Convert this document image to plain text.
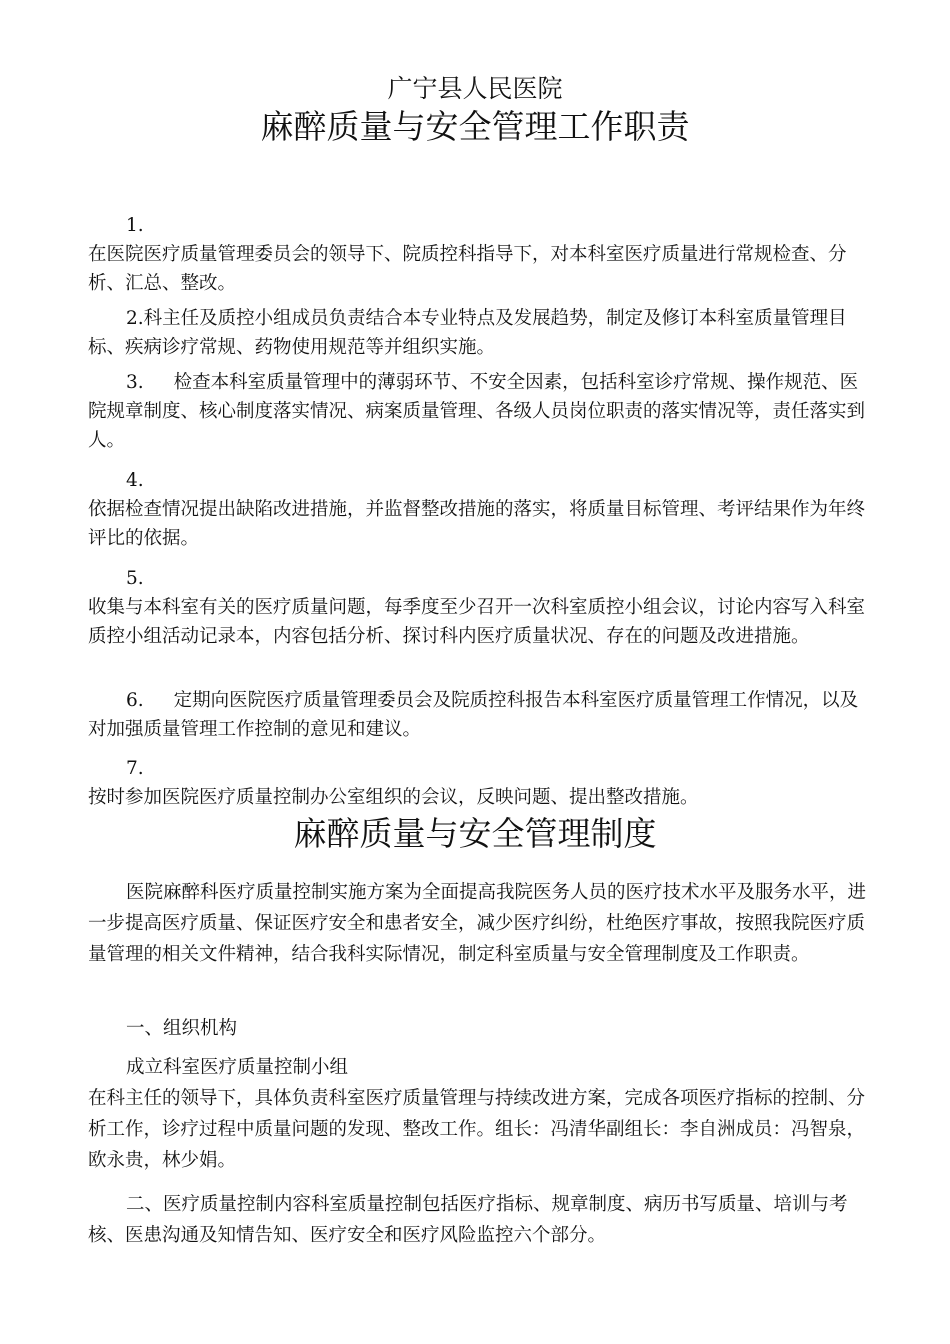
广宁县人民医院
麻醉质量与安全管理工作职责
1.

在医院医疗质量管理委员会的领导下、院质控科指导下，对本科室医疗质量进行常规检查、分析、汇总、整改。

2.科主任及质控小组成员负责结合本专业特点及发展趋势，制定及修订本科室质量管理目标、疾病诊疗常规、药物使用规范等并组织实施。

3. 检查本科室质量管理中的薄弱环节、不安全因素，包括科室诊疗常规、操作规范、医院规章制度、核心制度落实情况、病案质量管理、各级人员岗位职责的落实情况等，责任落实到人。

4.

依据检查情况提出缺陷改进措施，并监督整改措施的落实，将质量目标管理、考评结果作为年终评比的依据。

5.

收集与本科室有关的医疗质量问题，每季度至少召开一次科室质控小组会议，讨论内容写入科室质控小组活动记录本，内容包括分析、探讨科内医疗质量状况、存在的问题及改进措施。

6. 定期向医院医疗质量管理委员会及院质控科报告本科室医疗质量管理工作情况，以及对加强质量管理工作控制的意见和建议。

7.

按时参加医院医疗质量控制办公室组织的会议，反映问题、提出整改措施。

麻醉质量与安全管理制度

医院麻醉科医疗质量控制实施方案为全面提高我院医务人员的医疗技术水平及服务水平，进一步提高医疗质量、保证医疗安全和患者安全，减少医疗纠纷，杜绝医疗事故，按照我院医疗质量管理的相关文件精神，结合我科实际情况，制定科室质量与安全管理制度及工作职责。

一、组织机构

成立科室医疗质量控制小组

在科主任的领导下，具体负责科室医疗质量管理与持续改进方案，完成各项医疗指标的控制、分析工作，诊疗过程中质量问题的发现、整改工作。组长：冯清华副组长：李自洲成员：冯智泉，欧永贵，林少娟。

二、医疗质量控制内容科室质量控制包括医疗指标、规章制度、病历书写质量、培训与考核、医患沟通及知情告知、医疗安全和医疗风险监控六个部分。
